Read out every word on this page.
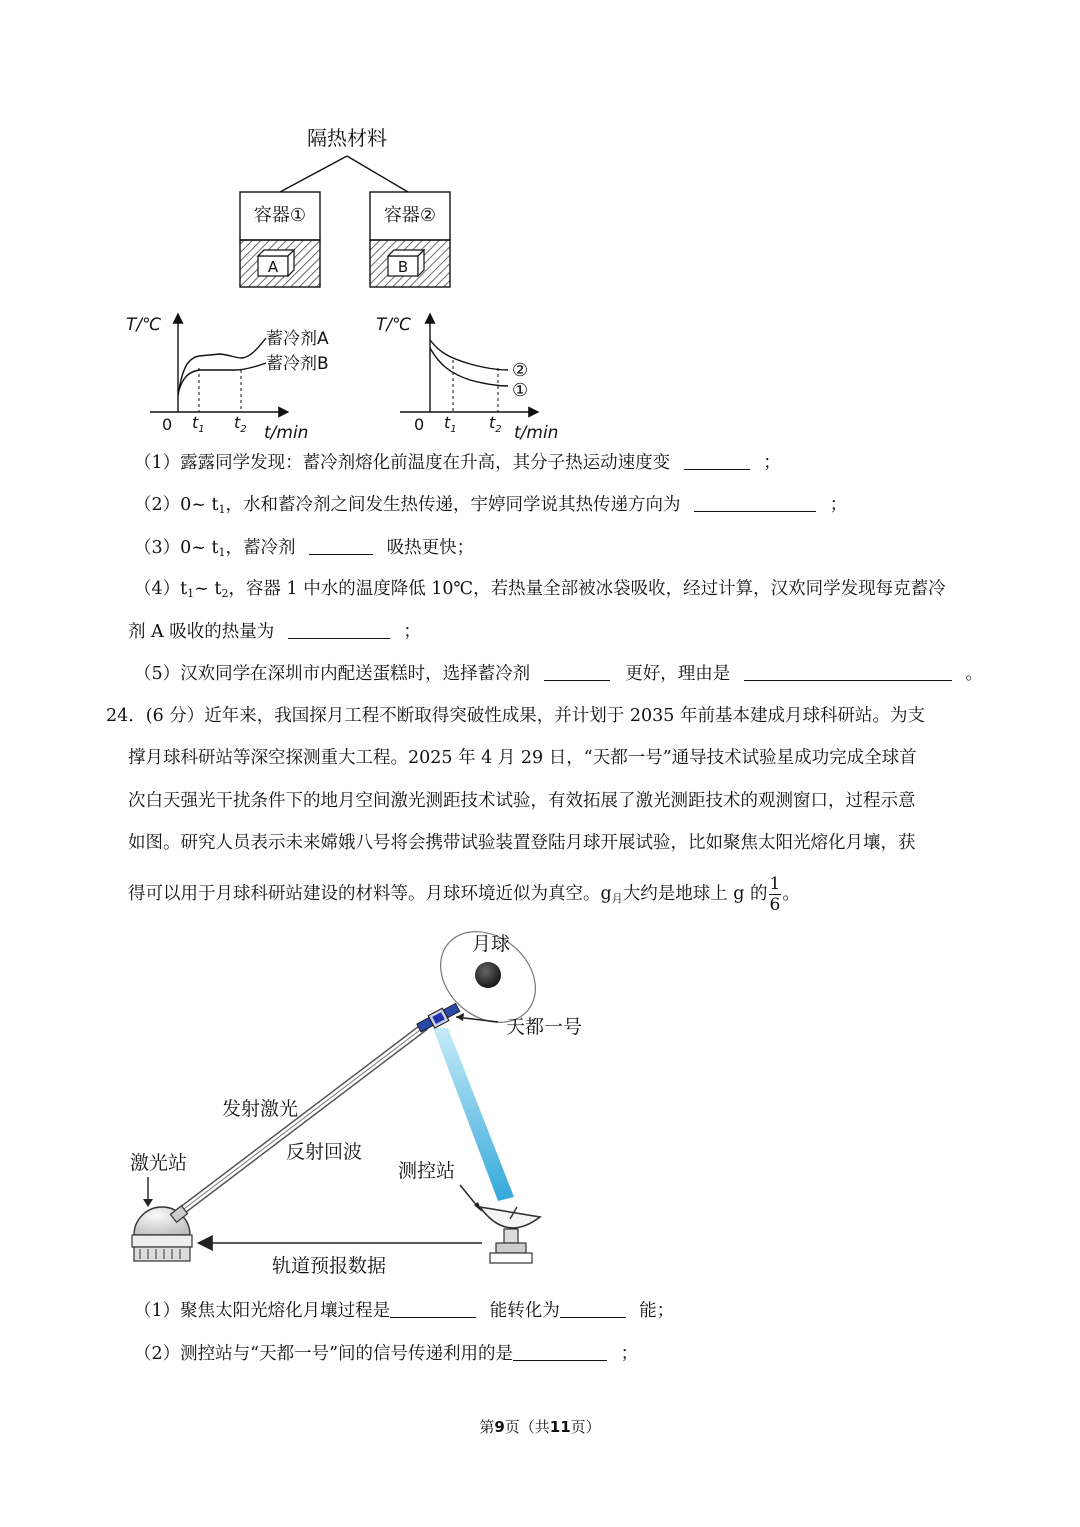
隔热材料
容器①
A
容器②
B
T/℃
0 $t_1$ $t_2$ t/min
蓄冷剂A
蓄冷剂B
T/℃
0 $t_1$ $t_2$ t/min
②
①
（1）露露同学发现：蓄冷剂熔化前温度在升高，其分子热运动速度变	；
（2）0~ $t_1$，水和蓄冷剂之间发生热传递，宇婷同学说其热传递方向为	；
（3）0~ $t_1$，蓄冷剂	吸热更快；
$(4)t_1\sim$ $t_2$，容器 1 中水的温度降低 10℃，若热量全部被冰袋吸收，经过计算，汉欢同学发现每克蓄冷
剂 A 吸收的热量为	；
（5）汉欢同学在深圳市内配送蛋糕时，选择蓄冷剂	更好，理由是	。
24．(6 分）近年来，我国探月工程不断取得突破性成果，并计划于 2035 年前基本建成月球科研站。为支
撑月球科研站等深空探测重大工程。2025 年 4 月 29 日，“天都一号”通导技术试验星成功完成全球首
次白天强光干扰条件下的地月空间激光测距技术试验，有效拓展了激光测距技术的观测窗口，过程示意
如图。研究人员表示未来嫦娥八号将会携带试验装置登陆月球开展试验，比如聚焦太阳光熔化月壤，获
得可以用于月球科研站建设的材料等。月球环境近似为真空。$g_月$大约是地球上 g 的 $\frac{1}{6}$ 。
月球
天都一号
发射激光
反射回波
激光站	测控站
轨道预报数据
（1）聚焦太阳光熔化月壤过程是	能转化为	能；
（2）测控站与“天都一号”间的信号传递利用的是	；
第9页（共11页）
